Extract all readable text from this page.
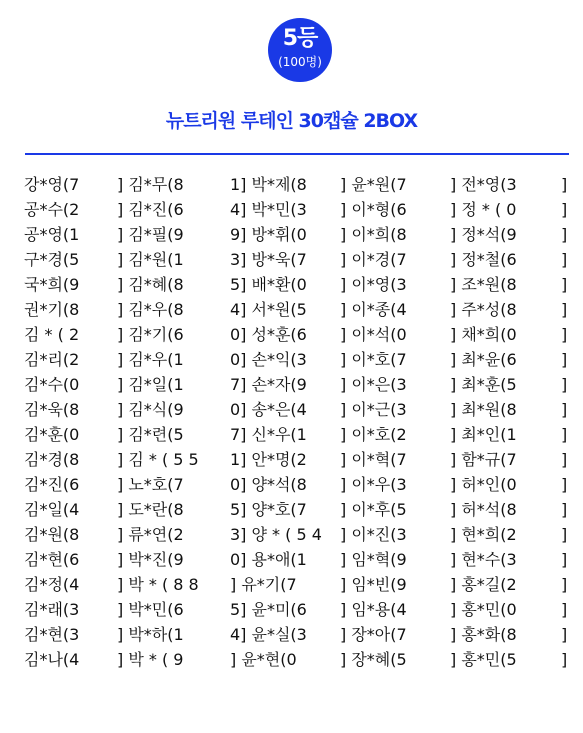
5등
(100명)
뉴트리원 루테인 30캡슐 2BOX
강*영(7 ] 김*무(8	1] 박*제(8 ] 윤*원(7	] 전*영(3	]
공*수(2 ] 김*진(6	4] 박*민(3 ] 이*형(6	] 정 * ( 0	]
공*영(1 ] 김*필(9	9] 방*휘(0 ] 이*희(8	] 정*석(9	]
구*경(5 ] 김*원(1	3] 방*욱(7 ] 이*경(7	] 정*철(6	]
국*희(9 ] 김*혜(8	5] 배*환(0 ] 이*영(3	] 조*원(8	]
권*기(8 ] 김*우(8	4] 서*원(5 ] 이*종(4	] 주*성(8	]
김 * ( 2 ] 김*기(6	0] 성*훈(6 ] 이*석(0	] 채*희(0	]
김*리(2 ] 김*우(1	0] 손*익(3 ] 이*호(7	] 최*윤(6	]
김*수(0 ] 김*일(1	7] 손*자(9 ] 이*은(3	] 최*훈(5	]
김*욱(8 ] 김*식(9	0] 송*은(4 ] 이*근(3	] 최*원(8	]
김*훈(0 ] 김*련(5	7] 신*우(1 ] 이*호(2	] 최*인(1	]
김*경(8 ] 김 * ( 5 5 1] 안*명(2 ] 이*혁(7	] 함*규(7	]
김*진(6 ] 노*호(7	0] 양*석(8 ] 이*우(3	] 허*인(0	]
김*일(4 ] 도*란(8	5] 양*호(7 ] 이*후(5	] 허*석(8	]
김*원(8 ] 류*연(2	3] 양 * ( 5 4 ] 이*진(3	] 현*희(2	]
김*현(6 ] 박*진(9	0] 용*애(1 ] 임*혁(9	] 현*수(3	]
김*정(4 ] 박 * ( 8 8 ] 유*기(7	] 임*빈(9	] 홍*길(2	]
김*래(3 ] 박*민(6	5] 윤*미(6 ] 임*용(4	] 홍*민(0	]
김*현(3 ] 박*하(1	4] 윤*실(3 ] 장*아(7	] 홍*화(8	]
김*나(4 ] 박 * ( 9	] 윤*현(0	] 장*혜(5	] 홍*민(5	]
